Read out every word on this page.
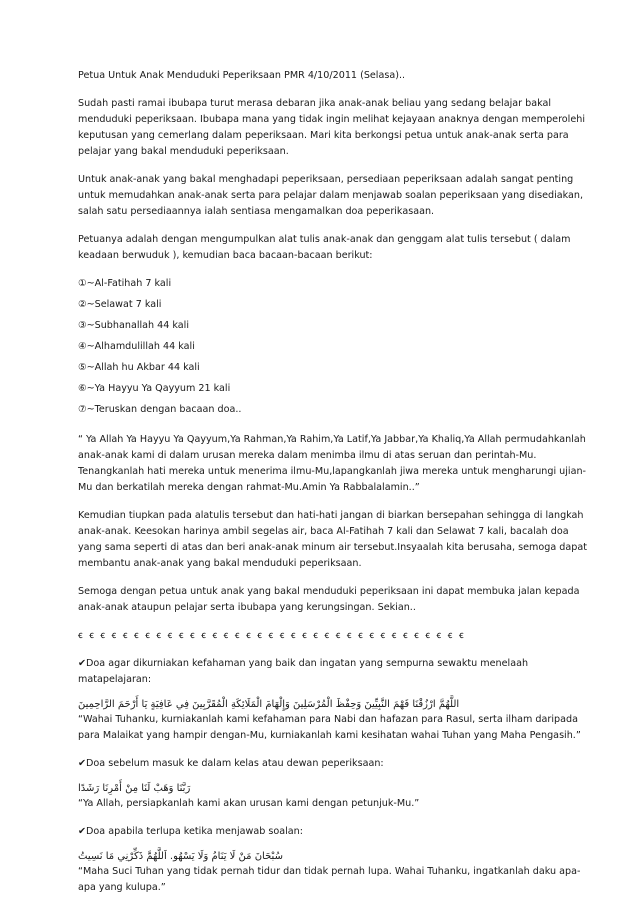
Petua Untuk Anak Menduduki Peperiksaan PMR 4/10/2011 (Selasa)..

Sudah pasti ramai ibubapa turut merasa debaran jika anak-anak beliau yang sedang belajar bakal menduduki peperiksaan. Ibubapa mana yang tidak ingin melihat kejayaan anaknya dengan memperolehi keputusan yang cemerlang dalam peperiksaan. Mari kita berkongsi petua untuk anak-anak serta para pelajar yang bakal menduduki peperiksaan.

Untuk anak-anak yang bakal menghadapi peperiksaan, persediaan peperiksaan adalah sangat penting untuk memudahkan anak-anak serta para pelajar dalam menjawab soalan peperiksaan yang disediakan, salah satu persediaannya ialah sentiasa mengamalkan doa peperikasaan.

Petuanya adalah dengan mengumpulkan alat tulis anak-anak dan genggam alat tulis tersebut ( dalam keadaan berwuduk ), kemudian baca bacaan-bacaan berikut:

①~Al-Fatihah 7 kali

②~Selawat 7 kali

③~Subhanallah 44 kali

④~Alhamdulillah 44 kali

⑤~Allah hu Akbar 44 kali

⑥~Ya Hayyu Ya Qayyum 21 kali

⑦~Teruskan dengan bacaan doa..

“ Ya Allah Ya Hayyu Ya Qayyum,Ya Rahman,Ya Rahim,Ya Latif,Ya Jabbar,Ya Khaliq,Ya Allah permudahkanlah anak-anak kami di dalam urusan mereka dalam menimba ilmu di atas seruan dan perintah-Mu. Tenangkanlah hati mereka untuk menerima ilmu-Mu,lapangkanlah jiwa mereka untuk mengharungi ujian-Mu dan berkatilah mereka dengan rahmat-Mu.Amin Ya Rabbalalamin..”

Kemudian tiupkan pada alatulis tersebut dan hati-hati jangan di biarkan bersepahan sehingga di langkah anak-anak. Keesokan harinya ambil segelas air, baca Al-Fatihah 7 kali dan Selawat 7 kali, bacalah doa yang sama seperti di atas dan beri anak-anak minum air tersebut.Insyaalah kita berusaha, semoga dapat membantu anak-anak yang bakal menduduki peperiksaan.

Semoga dengan petua untuk anak yang bakal menduduki peperiksaan ini dapat membuka jalan kepada anak-anak ataupun pelajar serta ibubapa yang kerungsingan. Sekian..

ꞓꞓꞓꞓꞓꞓꞓꞓꞓꞓꞓꞓꞓꞓꞓꞓꞓꞓꞓꞓꞓꞓꞓꞓꞓꞓꞓꞓꞓꞓꞓꞓꞓꞓꞓ

✔Doa agar dikurniakan kefahaman yang baik dan ingatan yang sempurna sewaktu menelaah matapelajaran:

اللَّهُمَّ ارْزُقْنَا فَهْمَ النَّبِيِّينَ وَحِفْظَ الْمُرْسَلِينَ وَإِلْهَامَ الْمَلَائِكَةِ الْمُقَرَّبِينَ فِي عَافِيَةٍ يَا أَرْحَمَ الرَّاحِمِينَ

“Wahai Tuhanku, kurniakanlah kami kefahaman para Nabi dan hafazan para Rasul, serta ilham daripada para Malaikat yang hampir dengan-Mu, kurniakanlah kami kesihatan wahai Tuhan yang Maha Pengasih.”

✔Doa sebelum masuk ke dalam kelas atau dewan peperiksaan:

رَبَّنَا وَهَبْ لَنَا مِنْ أَمْرِنَا رَشَدًا

“Ya Allah, persiapkanlah kami akan urusan kami dengan petunjuk-Mu.”

✔Doa apabila terlupa ketika menjawab soalan:

سُبْحَانَ مَنْ لَا يَنَامُ وَلَا يَسْهُو. اَللَّهُمَّ ذَكِّرْنِي مَا نَسِيتُ

“Maha Suci Tuhan yang tidak pernah tidur dan tidak pernah lupa. Wahai Tuhanku, ingatkanlah daku apa-apa yang kulupa.”
